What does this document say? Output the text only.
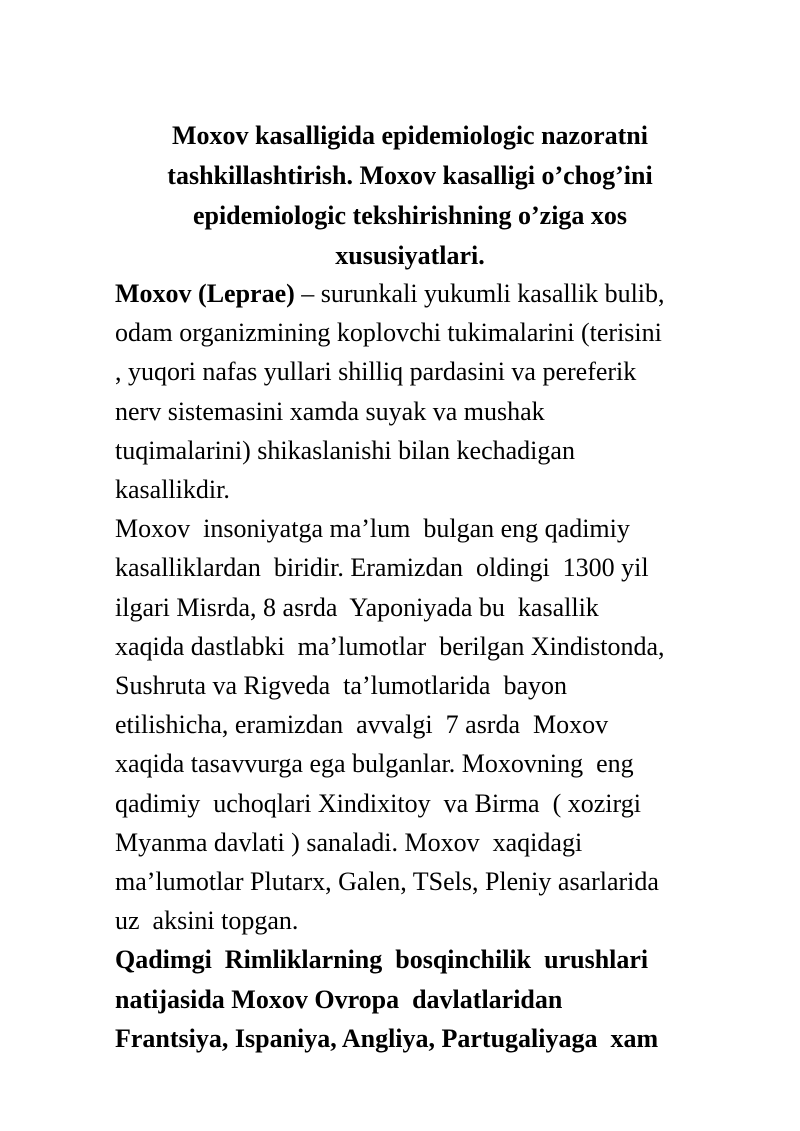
Moxov kasalligida epidemiologic nazoratni
tashkillashtirish. Moxov kasalligi o’chog’ini
epidemiologic tekshirishning o’ziga xos
xususiyatlari.
Moxov (Leprae) – surunkali yukumli kasallik bulib,
odam organizmining koplovchi tukimalarini (terisini
, yuqori nafas yullari shilliq pardasini va pereferik
nerv sistemasini xamda suyak va mushak
tuqimalarini) shikaslanishi bilan kechadigan
kasallikdir.
Moxov  insoniyatga ma’lum  bulgan eng qadimiy
kasalliklardan  biridir. Eramizdan  oldingi  1300 yil
ilgari Misrda, 8 asrda  Yaponiyada bu  kasallik
xaqida dastlabki  ma’lumotlar  berilgan Xindistonda,
Sushruta va Rigveda  ta’lumotlarida  bayon
etilishicha, eramizdan  avvalgi  7 asrda  Moxov
xaqida tasavvurga ega bulganlar. Moxovning  eng
qadimiy  uchoqlari Xindixitoy  va Birma  ( xozirgi
Myanma davlati ) sanaladi. Moxov  xaqidagi
ma’lumotlar Plutarx, Galen, TSels, Pleniy asarlarida
uz  aksini topgan.
Qadimgi  Rimliklarning  bosqinchilik  urushlari
natijasida Moxov Ovropa  davlatlaridan
Frantsiya, Ispaniya, Angliya, Partugaliyaga  xam
